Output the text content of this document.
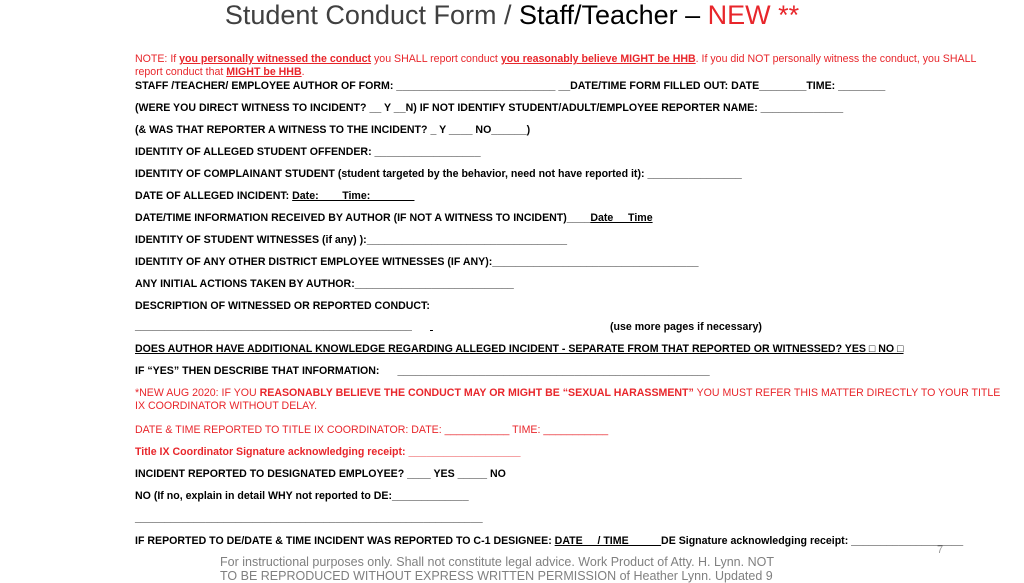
Student Conduct Form / Staff/Teacher – NEW **
NOTE: If you personally witnessed the conduct you SHALL report conduct you reasonably believe MIGHT be HHB. If you did NOT personally witness the conduct, you SHALL report conduct that MIGHT be HHB.
STAFF /TEACHER/ EMPLOYEE AUTHOR OF FORM: ___________________________ __DATE/TIME FORM FILLED OUT: DATE________TIME: ________
(WERE YOU DIRECT WITNESS TO INCIDENT? __ Y __N) IF NOT IDENTIFY STUDENT/ADULT/EMPLOYEE REPORTER NAME: ______________
(& WAS THAT REPORTER A WITNESS TO THE INCIDENT? _ Y ____ NO______)
IDENTITY OF ALLEGED STUDENT OFFENDER: __________________
IDENTITY OF COMPLAINANT STUDENT (student targeted by the behavior, need not have reported it): ________________
DATE OF ALLEGED INCIDENT: Date:____Time: _______
DATE/TIME INFORMATION RECEIVED BY AUTHOR (IF NOT A WITNESS TO INCIDENT)____Date__ Time
IDENTITY OF STUDENT WITNESSES (if any) ):__________________________________
IDENTITY OF ANY OTHER DISTRICT EMPLOYEE WITNESSES (IF ANY):___________________________________
ANY INITIAL ACTIONS TAKEN BY AUTHOR:___________________________
DESCRIPTION OF WITNESSED OR REPORTED CONDUCT:
_______________________________________________
	(use more pages if necessary)
DOES AUTHOR HAVE ADDITIONAL KNOWLEDGE REGARDING ALLEGED INCIDENT - SEPARATE FROM THAT REPORTED OR WITNESSED? YES □ NO □
IF “YES” THEN DESCRIBE THAT INFORMATION: _____________________________________________________
*NEW AUG 2020: IF YOU REASONABLY BELIEVE THE CONDUCT MAY OR MIGHT BE “SEXUAL HARASSMENT” YOU MUST REFER THIS MATTER DIRECTLY TO YOUR TITLE
IX COORDINATOR WITHOUT DELAY.
DATE & TIME REPORTED TO TITLE IX COORDINATOR: DATE: ___________ TIME: ___________
Title IX Coordinator Signature acknowledging receipt: ___________________
INCIDENT REPORTED TO DESIGNATED EMPLOYEE? ____ YES _____ NO
NO (If no, explain in detail WHY not reported to DE:_____________
___________________________________________________________
IF REPORTED TO DE/DATE & TIME INCIDENT WAS REPORTED TO C-1 DESIGNEE: DATE __/ TIME _____DE Signature acknowledging receipt: ___________________
7
For instructional purposes only. Shall not constitute legal advice. Work Product of Atty. H. Lynn. NOT
TO BE REPRODUCED WITHOUT EXPRESS WRITTEN PERMISSION of Heather Lynn. Updated 9
